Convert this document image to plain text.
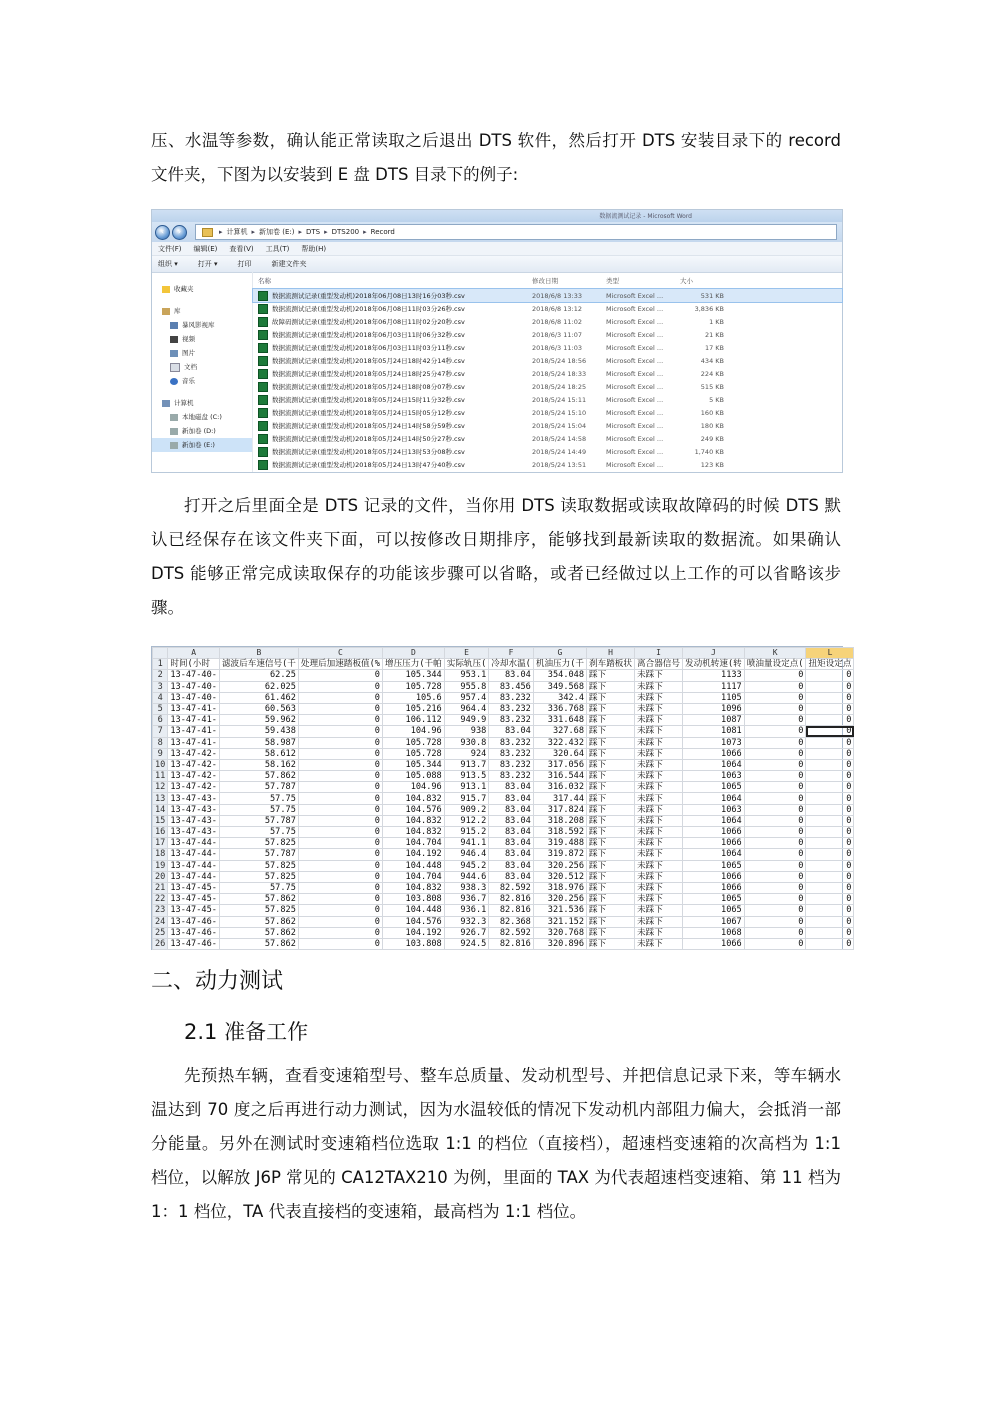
压、水温等参数，确认能正常读取之后退出 DTS 软件，然后打开 DTS 安装目录下的 record 文件夹，下图为以安装到 E 盘 DTS 目录下的例子:

数据流测试记录 - Microsoft Word
‹	›	▸ 计算机 ▸ 新加卷 (E:) ▸ DTS ▸ DTS200 ▸ Record
文件(F) 编辑(E) 查看(V) 工具(T) 帮助(H)
组织 ▾	打开 ▾	打印	新建文件夹
收藏夹
库
暴风影视库
视频
图片
文档
音乐
计算机
本地磁盘 (C:)
新加卷 (D:)
新加卷 (E:)
名称	修改日期	类型	大小
数据流测试记录(重型发动机)2018年06月08日13时16分03秒.csv	2018/6/8 13:33	Microsoft Excel ...	531 KB
数据流测试记录(重型发动机)2018年06月08日11时03分26秒.csv	2018/6/8 13:12	Microsoft Excel ...	3,836 KB
故障码测试记录(重型发动机)2018年06月08日11时02分20秒.csv	2018/6/8 11:02	Microsoft Excel ...	1 KB
数据流测试记录(重型发动机)2018年06月03日11时06分32秒.csv	2018/6/3 11:07	Microsoft Excel ...	21 KB
数据流测试记录(重型发动机)2018年06月03日11时03分11秒.csv	2018/6/3 11:03	Microsoft Excel ...	17 KB
数据流测试记录(重型发动机)2018年05月24日18时42分14秒.csv	2018/5/24 18:56	Microsoft Excel ...	434 KB
数据流测试记录(重型发动机)2018年05月24日18时25分47秒.csv	2018/5/24 18:33	Microsoft Excel ...	224 KB
数据流测试记录(重型发动机)2018年05月24日18时08分07秒.csv	2018/5/24 18:25	Microsoft Excel ...	515 KB
数据流测试记录(重型发动机)2018年05月24日15时11分32秒.csv	2018/5/24 15:11	Microsoft Excel ...	5 KB
数据流测试记录(重型发动机)2018年05月24日15时05分12秒.csv	2018/5/24 15:10	Microsoft Excel ...	160 KB
数据流测试记录(重型发动机)2018年05月24日14时58分59秒.csv	2018/5/24 15:04	Microsoft Excel ...	180 KB
数据流测试记录(重型发动机)2018年05月24日14时50分27秒.csv	2018/5/24 14:58	Microsoft Excel ...	249 KB
数据流测试记录(重型发动机)2018年05月24日13时53分08秒.csv	2018/5/24 14:49	Microsoft Excel ...	1,740 KB
数据流测试记录(重型发动机)2018年05月24日13时47分40秒.csv	2018/5/24 13:51	Microsoft Excel ...	123 KB

打开之后里面全是 DTS 记录的文件，当你用 DTS 读取数据或读取故障码的时候 DTS 默认已经保存在该文件夹下面，可以按修改日期排序，能够找到最新读取的数据流。如果确认 DTS 能够正常完成读取保存的功能该步骤可以省略，或者已经做过以上工作的可以省略该步骤。

	A	B	C	D	E	F	G	H	I	J	K	L
1	时间(小时	滤波后车速信号(千	处理后加速踏板值(%	增压压力(千帕	实际轨压(	冷却水温(	机油压力(千	刹车踏板状	离合器信号	发动机转速(转	喷油量设定点(	扭矩设定点
2	13-47-40-	62.25	0	105.344	953.1	83.04	354.048	踩下	未踩下	1133	0	0
3	13-47-40-	62.025	0	105.728	955.8	83.456	349.568	踩下	未踩下	1117	0	0
4	13-47-40-	61.462	0	105.6	957.4	83.232	342.4	踩下	未踩下	1105	0	0
5	13-47-41-	60.563	0	105.216	964.4	83.232	336.768	踩下	未踩下	1096	0	0
6	13-47-41-	59.962	0	106.112	949.9	83.232	331.648	踩下	未踩下	1087	0	0
7	13-47-41-	59.438	0	104.96	938	83.04	327.68	踩下	未踩下	1081	0	0
8	13-47-41-	58.987	0	105.728	930.8	83.232	322.432	踩下	未踩下	1073	0	0
9	13-47-42-	58.612	0	105.728	924	83.232	320.64	踩下	未踩下	1066	0	0
10	13-47-42-	58.162	0	105.344	913.7	83.232	317.056	踩下	未踩下	1064	0	0
11	13-47-42-	57.862	0	105.088	913.5	83.232	316.544	踩下	未踩下	1063	0	0
12	13-47-42-	57.787	0	104.96	913.1	83.04	316.032	踩下	未踩下	1065	0	0
13	13-47-43-	57.75	0	104.832	915.7	83.04	317.44	踩下	未踩下	1064	0	0
14	13-47-43-	57.75	0	104.576	909.2	83.04	317.824	踩下	未踩下	1063	0	0
15	13-47-43-	57.787	0	104.832	912.2	83.04	318.208	踩下	未踩下	1064	0	0
16	13-47-43-	57.75	0	104.832	915.2	83.04	318.592	踩下	未踩下	1066	0	0
17	13-47-44-	57.825	0	104.704	941.1	83.04	319.488	踩下	未踩下	1066	0	0
18	13-47-44-	57.787	0	104.192	946.4	83.04	319.872	踩下	未踩下	1064	0	0
19	13-47-44-	57.825	0	104.448	945.2	83.04	320.256	踩下	未踩下	1065	0	0
20	13-47-44-	57.825	0	104.704	944.6	83.04	320.512	踩下	未踩下	1066	0	0
21	13-47-45-	57.75	0	104.832	938.3	82.592	318.976	踩下	未踩下	1066	0	0
22	13-47-45-	57.862	0	103.808	936.7	82.816	320.256	踩下	未踩下	1065	0	0
23	13-47-45-	57.825	0	104.448	936.1	82.816	321.536	踩下	未踩下	1065	0	0
24	13-47-46-	57.862	0	104.576	932.3	82.368	321.152	踩下	未踩下	1067	0	0
25	13-47-46-	57.862	0	104.192	926.7	82.592	320.768	踩下	未踩下	1068	0	0
26	13-47-46-	57.862	0	103.808	924.5	82.816	320.896	踩下	未踩下	1066	0	0
二、动力测试
2.1 准备工作

先预热车辆，查看变速箱型号、整车总质量、发动机型号、并把信息记录下来，等车辆水温达到 70 度之后再进行动力测试，因为水温较低的情况下发动机内部阻力偏大，会抵消一部分能量。另外在测试时变速箱档位选取 1:1 的档位（直接档），超速档变速箱的次高档为 1:1 档位，以解放 J6P 常见的 CA12TAX210 为例，里面的 TAX 为代表超速档变速箱、第 11 档为 1：1 档位，TA 代表直接档的变速箱，最高档为 1:1 档位。
